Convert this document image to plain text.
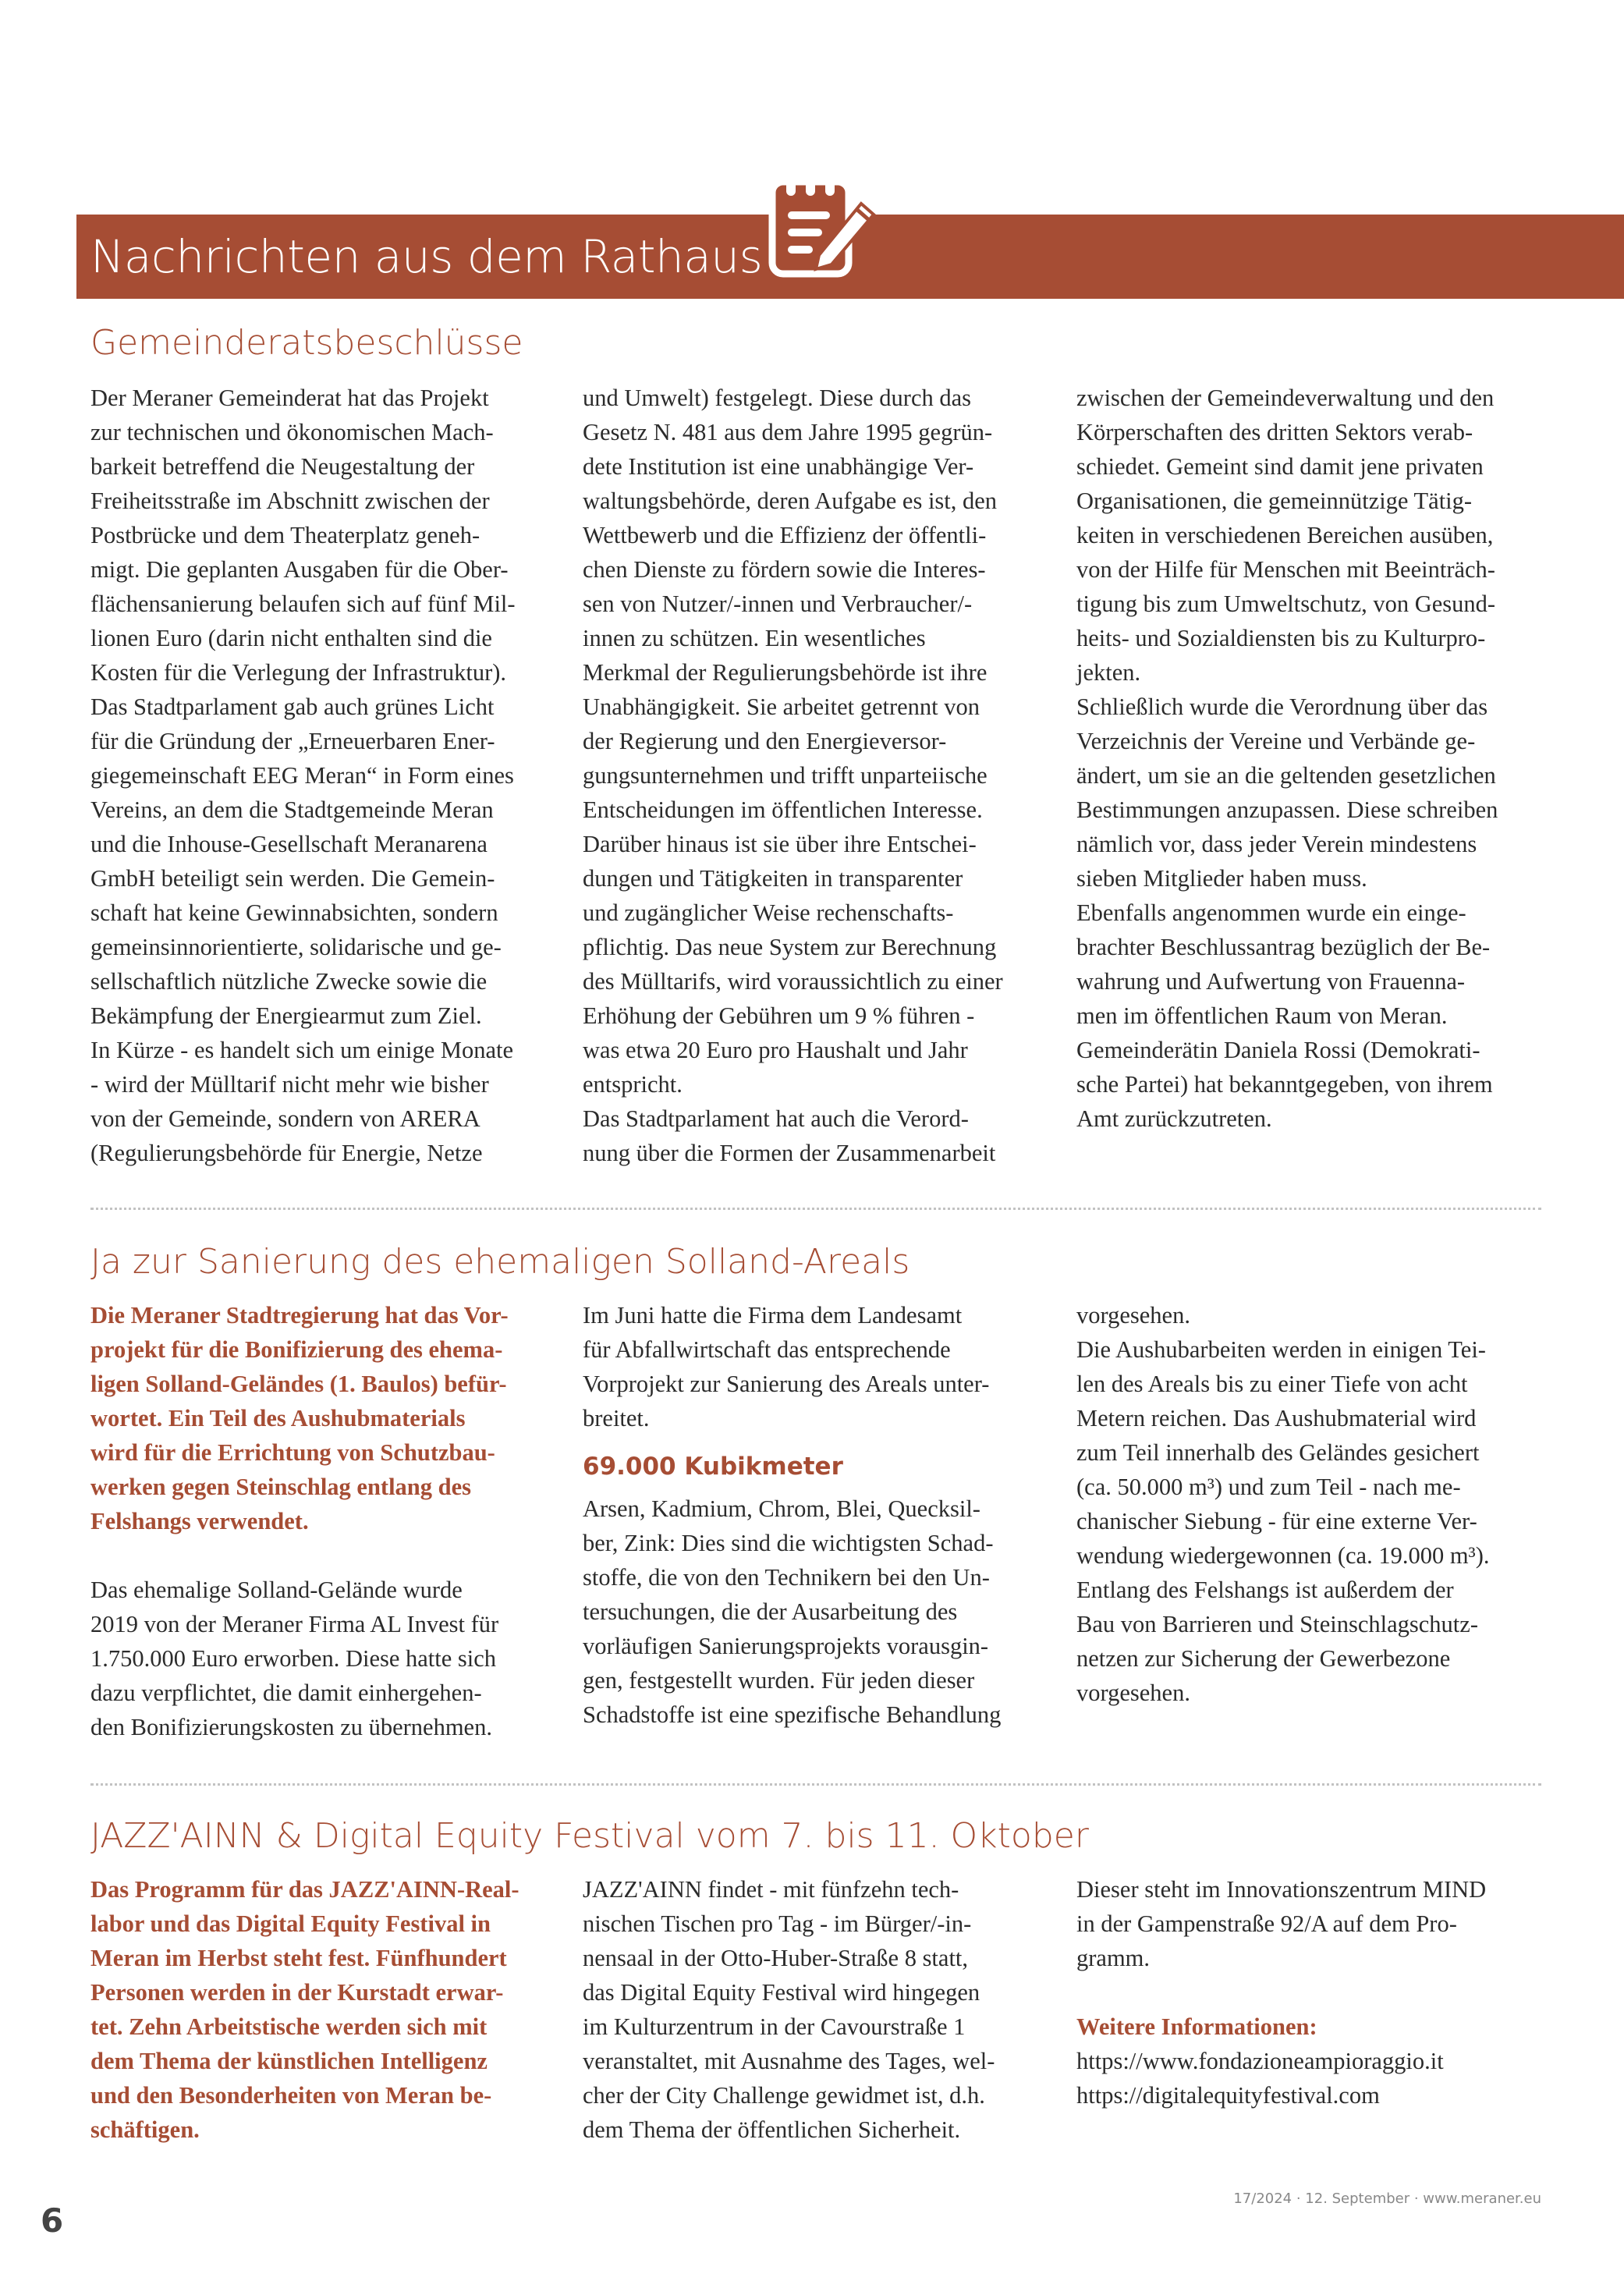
Nachrichten aus dem Rathaus
Gemeinderatsbeschlüsse

Der Meraner Gemeinderat hat das Projekt
zur technischen und ökonomischen Mach-
barkeit betreffend die Neugestaltung der
Freiheitsstraße im Abschnitt zwischen der
Postbrücke und dem Theaterplatz geneh-
migt. Die geplanten Ausgaben für die Ober-
flächensanierung belaufen sich auf fünf Mil-
lionen Euro (darin nicht enthalten sind die
Kosten für die Verlegung der Infrastruktur).
Das Stadtparlament gab auch grünes Licht
für die Gründung der „Erneuerbaren Ener-
giegemeinschaft EEG Meran“ in Form eines
Vereins, an dem die Stadtgemeinde Meran
und die Inhouse-Gesellschaft Meranarena
GmbH beteiligt sein werden. Die Gemein-
schaft hat keine Gewinnabsichten, sondern
gemeinsinnorientierte, solidarische und ge-
sellschaftlich nützliche Zwecke sowie die
Bekämpfung der Energiearmut zum Ziel.
In Kürze - es handelt sich um einige Monate
- wird der Mülltarif nicht mehr wie bisher
von der Gemeinde, sondern von ARERA
(Regulierungsbehörde für Energie, Netze

und Umwelt) festgelegt. Diese durch das
Gesetz N. 481 aus dem Jahre 1995 gegrün-
dete Institution ist eine unabhängige Ver-
waltungsbehörde, deren Aufgabe es ist, den
Wettbewerb und die Effizienz der öffentli-
chen Dienste zu fördern sowie die Interes-
sen von Nutzer/-innen und Verbraucher/-
innen zu schützen. Ein wesentliches
Merkmal der Regulierungsbehörde ist ihre
Unabhängigkeit. Sie arbeitet getrennt von
der Regierung und den Energieversor-
gungsunternehmen und trifft unparteiische
Entscheidungen im öffentlichen Interesse.
Darüber hinaus ist sie über ihre Entschei-
dungen und Tätigkeiten in transparenter
und zugänglicher Weise rechenschafts-
pflichtig. Das neue System zur Berechnung
des Mülltarifs, wird voraussichtlich zu einer
Erhöhung der Gebühren um 9 % führen -
was etwa 20 Euro pro Haushalt und Jahr
entspricht.
Das Stadtparlament hat auch die Verord-
nung über die Formen der Zusammenarbeit

zwischen der Gemeindeverwaltung und den
Körperschaften des dritten Sektors verab-
schiedet. Gemeint sind damit jene privaten
Organisationen, die gemeinnützige Tätig-
keiten in verschiedenen Bereichen ausüben,
von der Hilfe für Menschen mit Beeinträch-
tigung bis zum Umweltschutz, von Gesund-
heits- und Sozialdiensten bis zu Kulturpro-
jekten.
Schließlich wurde die Verordnung über das
Verzeichnis der Vereine und Verbände ge-
ändert, um sie an die geltenden gesetzlichen
Bestimmungen anzupassen. Diese schreiben
nämlich vor, dass jeder Verein mindestens
sieben Mitglieder haben muss.
Ebenfalls angenommen wurde ein einge-
brachter Beschlussantrag bezüglich der Be-
wahrung und Aufwertung von Frauenna-
men im öffentlichen Raum von Meran.
Gemeinderätin Daniela Rossi (Demokrati-
sche Partei) hat bekanntgegeben, von ihrem
Amt zurückzutreten.

Ja zur Sanierung des ehemaligen Solland-Areals

Die Meraner Stadtregierung hat das Vor-
projekt für die Bonifizierung des ehema-
ligen Solland-Geländes (1. Baulos) befür-
wortet. Ein Teil des Aushubmaterials
wird für die Errichtung von Schutzbau-
werken gegen Steinschlag entlang des
Felshangs verwendet.

Das ehemalige Solland-Gelände wurde
2019 von der Meraner Firma AL Invest für
1.750.000 Euro erworben. Diese hatte sich
dazu verpflichtet, die damit einhergehen-
den Bonifizierungskosten zu übernehmen.

Im Juni hatte die Firma dem Landesamt
für Abfallwirtschaft das entsprechende
Vorprojekt zur Sanierung des Areals unter-
breitet.

69.000 Kubikmeter

Arsen, Kadmium, Chrom, Blei, Quecksil-
ber, Zink: Dies sind die wichtigsten Schad-
stoffe, die von den Technikern bei den Un-
tersuchungen, die der Ausarbeitung des
vorläufigen Sanierungsprojekts vorausgin-
gen, festgestellt wurden. Für jeden dieser
Schadstoffe ist eine spezifische Behandlung

vorgesehen.
Die Aushubarbeiten werden in einigen Tei-
len des Areals bis zu einer Tiefe von acht
Metern reichen. Das Aushubmaterial wird
zum Teil innerhalb des Geländes gesichert
(ca. 50.000 m³) und zum Teil - nach me-
chanischer Siebung - für eine externe Ver-
wendung wiedergewonnen (ca. 19.000 m³).
Entlang des Felshangs ist außerdem der
Bau von Barrieren und Steinschlagschutz-
netzen zur Sicherung der Gewerbezone
vorgesehen.

JAZZ'AINN & Digital Equity Festival vom 7. bis 11. Oktober

Das Programm für das JAZZ'AINN-Real-
labor und das Digital Equity Festival in
Meran im Herbst steht fest. Fünfhundert
Personen werden in der Kurstadt erwar-
tet. Zehn Arbeitstische werden sich mit
dem Thema der künstlichen Intelligenz
und den Besonderheiten von Meran be-
schäftigen.

JAZZ'AINN findet - mit fünfzehn tech-
nischen Tischen pro Tag - im Bürger/-in-
nensaal in der Otto-Huber-Straße 8 statt,
das Digital Equity Festival wird hingegen
im Kulturzentrum in der Cavourstraße 1
veranstaltet, mit Ausnahme des Tages, wel-
cher der City Challenge gewidmet ist, d.h.
dem Thema der öffentlichen Sicherheit.

Dieser steht im Innovationszentrum MIND
in der Gampenstraße 92/A auf dem Pro-
gramm.

Weitere Informationen:

https://www.fondazioneampioraggio.it

https://digitalequityfestival.com

6
17/2024 · 12. September · www.meraner.eu
